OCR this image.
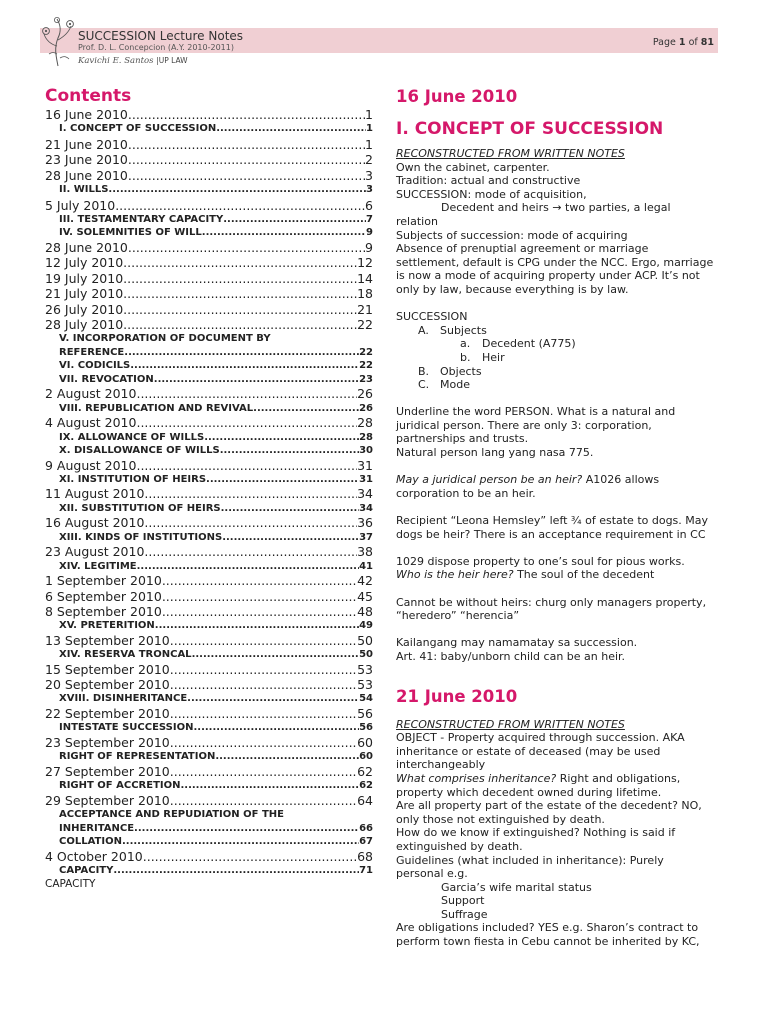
SUCCESSION Lecture Notes
Prof. D. L. Concepcion (A.Y. 2010-2011)
Kavichi E. Santos |UP LAW
Page 1 of 81
Contents
16 June 2010 .....	1
I. CONCEPT OF SUCCESSION .....	1
21 June 2010 .....	1
23 June 2010 .....	2
28 June 2010 .....	3
II. WILLS .....	3
5 July 2010 .....	6
III. TESTAMENTARY CAPACITY .....	7
IV. SOLEMNITIES OF WILL .....	9
28 June 2010 .....	9
12 July 2010 .....	12
19 July 2010 .....	14
21 July 2010 .....	18
26 July 2010 .....	21
28 July 2010 .....	22
V. INCORPORATION OF DOCUMENT BY
REFERENCE .....	22
VI. CODICILS .....	22
VII. REVOCATION .....	23
2 August 2010 .....	26
VIII. REPUBLICATION AND REVIVAL .....	26
4 August 2010 .....	28
IX. ALLOWANCE OF WILLS .....	28
X. DISALLOWANCE OF WILLS .....	30
9 August 2010 .....	31
XI. INSTITUTION OF HEIRS .....	31
11 August 2010 .....	34
XII. SUBSTITUTION OF HEIRS .....	34
16 August 2010 .....	36
XIII. KINDS OF INSTITUTIONS .....	37
23 August 2010 .....	38
XIV. LEGITIME .....	41
1 September 2010 .....	42
6 September 2010 .....	45
8 September 2010 .....	48
XV. PRETERITION .....	49
13 September 2010 .....	50
XIV. RESERVA TRONCAL .....	50
15 September 2010 .....	53
20 September 2010 .....	53
XVIII. DISINHERITANCE .....	54
22 September 2010 .....	56
INTESTATE SUCCESSION .....	56
23 September 2010 .....	60
RIGHT OF REPRESENTATION .....	60
27 September 2010 .....	62
RIGHT OF ACCRETION .....	62
29 September 2010 .....	64
ACCEPTANCE AND REPUDIATION OF THE
INHERITANCE .....	66
COLLATION .....	67
4 October 2010 .....	68
CAPACITY .....	71
CAPACITY
16 June 2010
I. CONCEPT OF SUCCESSION
RECONSTRUCTED FROM WRITTEN NOTES
Own the cabinet, carpenter.
Tradition: actual and constructive
SUCCESSION: mode of acquisition,
Decedent and heirs → two parties, a legal
relation
Subjects of succession: mode of acquiring
Absence of prenuptial agreement or marriage
settlement, default is CPG under the NCC. Ergo, marriage
is now a mode of acquiring property under ACP. It’s not
only by law, because everything is by law.
SUCCESSION
A. Subjects
a. Decedent (A775)
b. Heir
B. Objects
C. Mode
Underline the word PERSON. What is a natural and
juridical person. There are only 3: corporation,
partnerships and trusts.
Natural person lang yang nasa 775.
May a juridical person be an heir? A1026 allows
corporation to be an heir.
Recipient “Leona Hemsley” left ¾ of estate to dogs. May
dogs be heir? There is an acceptance requirement in CC
1029 dispose property to one’s soul for pious works.
Who is the heir here? The soul of the decedent
Cannot be without heirs: churg only managers property,
“heredero” “herencia”
Kailangang may namamatay sa succession.
Art. 41: baby/unborn child can be an heir.
21 June 2010
RECONSTRUCTED FROM WRITTEN NOTES
OBJECT - Property acquired through succession. AKA
inheritance or estate of deceased (may be used
interchangeably
What comprises inheritance? Right and obligations,
property which decedent owned during lifetime.
Are all property part of the estate of the decedent? NO,
only those not extinguished by death.
How do we know if extinguished? Nothing is said if
extinguished by death.
Guidelines (what included in inheritance): Purely
personal e.g.
Garcia’s wife marital status
Support
Suffrage
Are obligations included? YES e.g. Sharon’s contract to
perform town fiesta in Cebu cannot be inherited by KC,
